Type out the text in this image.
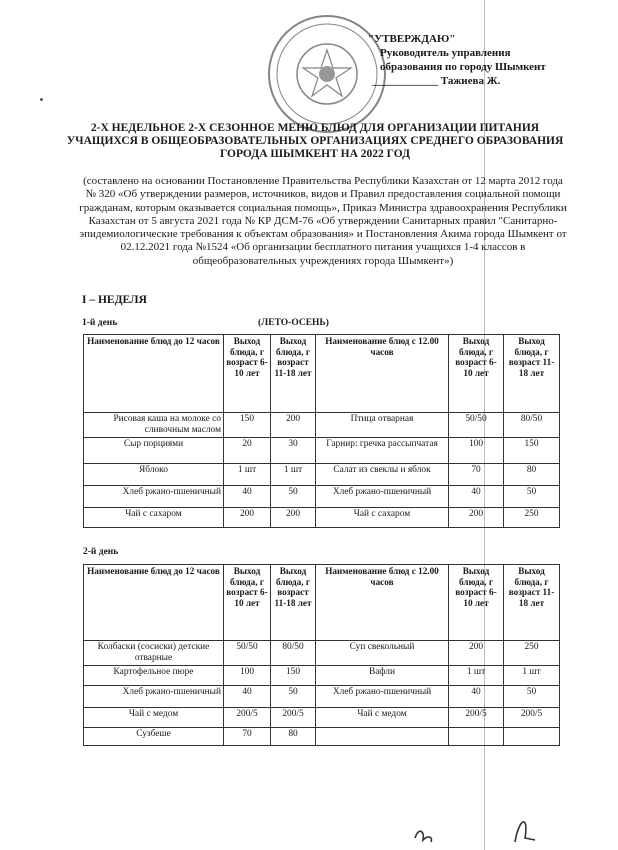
"УТВЕРЖДАЮ"
Руководитель управления
образования по городу Шымкент
____________ Тажиева Ж.
2-Х НЕДЕЛЬНОЕ 2-Х СЕЗОННОЕ МЕНЮ БЛЮД ДЛЯ ОРГАНИЗАЦИИ ПИТАНИЯ УЧАЩИХСЯ В ОБЩЕОБРАЗОВАТЕЛЬНЫХ ОРГАНИЗАЦИЯХ СРЕДНЕГО ОБРАЗОВАНИЯ ГОРОДА ШЫМКЕНТ НА 2022 ГОД
(составлено на основании Постановление Правительства Республики Казахстан от 12 марта 2012 года № 320 «Об утверждении размеров, источников, видов и Правил предоставления социальной помощи гражданам, которым оказывается социальная помощь», Приказ Министра здравоохранения Республики Казахстан от 5 августа 2021 года № КР ДСМ-76 «Об утверждении Санитарных правил "Санитарно-эпидемиологические требования к объектам образования» и Постановления Акима города Шымкент от 02.12.2021 года №1524 «Об организации бесплатного питания учащихся 1-4 классов в общеобразовательных учреждениях города Шымкент»)
I – НЕДЕЛЯ
1-й день	(ЛЕТО-ОСЕНЬ)
Наименование блюд до 12 часов	Выход блюда, г возраст 6-10 лет	Выход блюда, г возраст 11-18 лет	Наименование блюд с 12.00 часов	Выход блюда, г возраст 6-10 лет	Выход блюда, г возраст 11-18 лет
Рисовая каша на молоке со сливочным маслом	150	200	Птица отварная	50/50	80/50
Сыр порциями	20	30	Гарнир: гречка рассыпчатая	100	150
Яблоко	1 шт	1 шт	Салат из свеклы и яблок	70	80
Хлеб ржано-пшеничный	40	50	Хлеб ржано-пшеничный	40	50
Чай с сахаром	200	200	Чай с сахаром	200	250
2-й день
Наименование блюд до 12 часов	Выход блюда, г возраст 6-10 лет	Выход блюда, г возраст 11-18 лет	Наименование блюд с 12.00 часов	Выход блюда, г возраст 6-10 лет	Выход блюда, г возраст 11-18 лет
Колбаски (сосиски) детские отварные	50/50	80/50	Суп свекольный	200	250
Картофельное пюре	100	150	Вафли	1 шт	1 шт
Хлеб ржано-пшеничный	40	50	Хлеб ржано-пшеничный	40	50
Чай с медом	200/5	200/5	Чай с медом	200/5	200/5
Сузбеше	70	80			
